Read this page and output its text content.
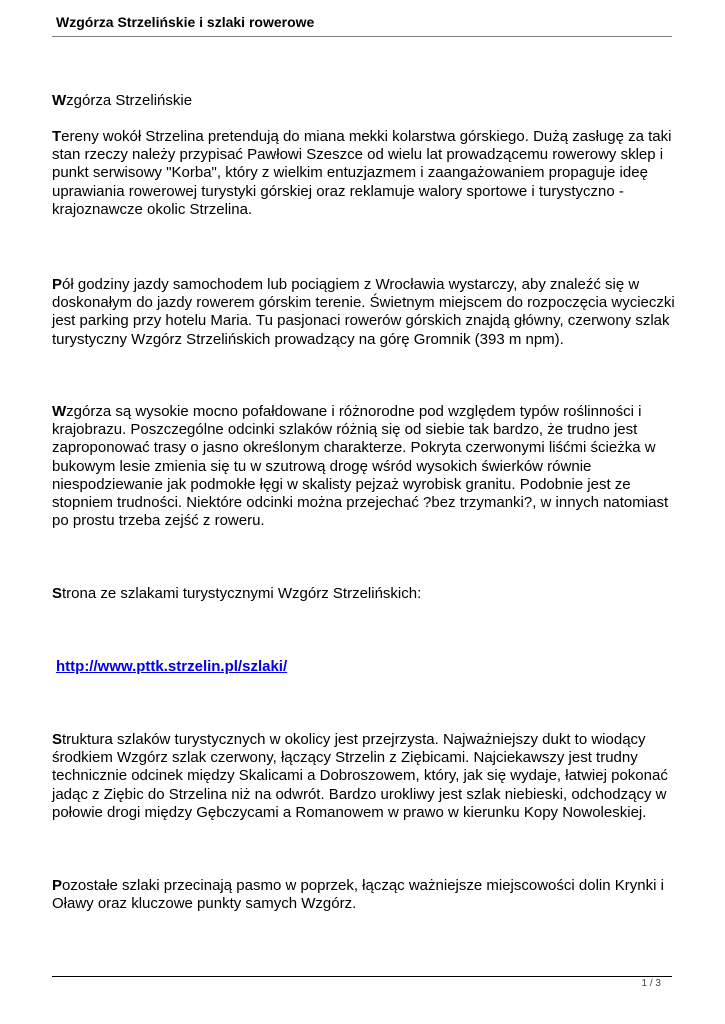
Wzgórza Strzelińskie i szlaki rowerowe

Wzgórza Strzelińskie

Tereny wokół Strzelina pretendują do miana mekki kolarstwa górskiego. Dużą zasługę za taki stan rzeczy należy przypisać Pawłowi Szeszce od wielu lat prowadzącemu rowerowy sklep i punkt serwisowy "Korba", który z wielkim entuzjazmem i zaangażowaniem propaguje ideę uprawiania rowerowej turystyki górskiej oraz reklamuje walory sportowe i turystyczno - krajoznawcze okolic Strzelina.

Pół godziny jazdy samochodem lub pociągiem z Wrocławia wystarczy, aby znaleźć się w doskonałym do jazdy rowerem górskim terenie. Świetnym miejscem do rozpoczęcia wycieczki jest parking przy hotelu Maria. Tu pasjonaci rowerów górskich znajdą główny, czerwony szlak turystyczny Wzgórz Strzelińskich prowadzący na górę Gromnik (393 m npm).

Wzgórza są wysokie mocno pofałdowane i różnorodne pod względem typów roślinności i krajobrazu. Poszczególne odcinki szlaków różnią się od siebie tak bardzo, że trudno jest zaproponować trasy o jasno określonym charakterze. Pokryta czerwonymi liśćmi ścieżka w bukowym lesie zmienia się tu w szutrową drogę wśród wysokich świerków równie niespodziewanie jak podmokłe łęgi w skalisty pejzaż wyrobisk granitu. Podobnie jest ze stopniem trudności. Niektóre odcinki można przejechać ?bez trzymanki?, w innych natomiast po prostu trzeba zejść z roweru.

Strona ze szlakami turystycznymi Wzgórz Strzelińskich:

http://www.pttk.strzelin.pl/szlaki/

Struktura szlaków turystycznych w okolicy jest przejrzysta. Najważniejszy dukt to wiodący środkiem Wzgórz szlak czerwony, łączący Strzelin z Ziębicami. Najciekawszy jest trudny technicznie odcinek między Skalicami a Dobroszowem, który, jak się wydaje, łatwiej pokonać jadąc z Ziębic do Strzelina niż na odwrót. Bardzo urokliwy jest szlak niebieski, odchodzący w połowie drogi między Gębczycami a Romanowem w prawo w kierunku Kopy Nowoleskiej.

Pozostałe szlaki przecinają pasmo w poprzek, łącząc ważniejsze miejscowości dolin Krynki i Oławy oraz kluczowe punkty samych Wzgórz.

1 / 3
